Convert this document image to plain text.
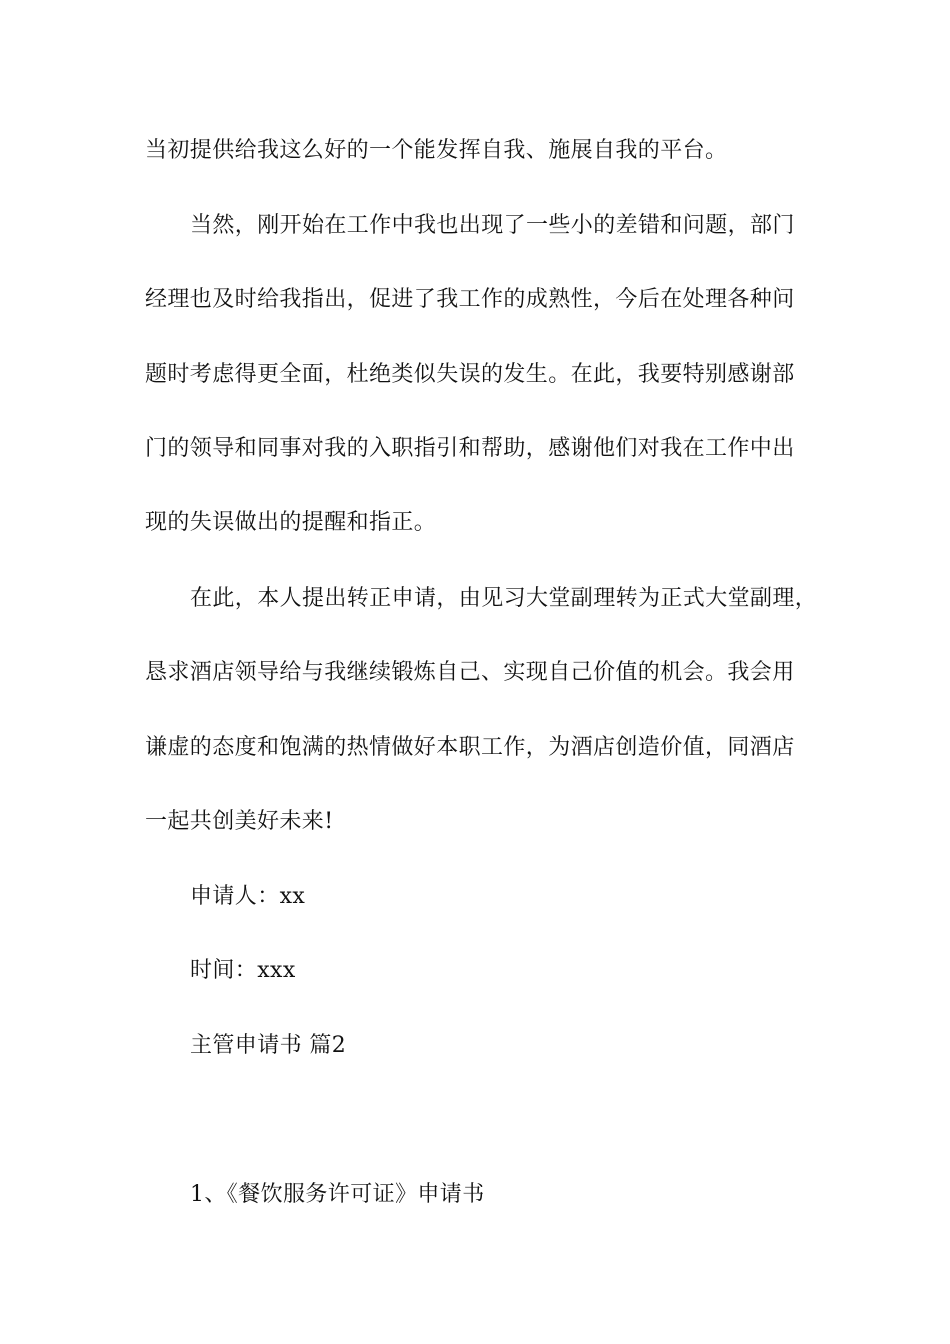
当初提供给我这么好的一个能发挥自我、施展自我的平台。
当然，刚开始在工作中我也出现了一些小的差错和问题，部门
经理也及时给我指出，促进了我工作的成熟性，今后在处理各种问
题时考虑得更全面，杜绝类似失误的发生。在此，我要特别感谢部
门的领导和同事对我的入职指引和帮助，感谢他们对我在工作中出
现的失误做出的提醒和指正。
在此，本人提出转正申请，由见习大堂副理转为正式大堂副理，
恳求酒店领导给与我继续锻炼自己、实现自己价值的机会。我会用
谦虚的态度和饱满的热情做好本职工作，为酒店创造价值，同酒店
一起共创美好未来!
申请人：xx
时间：xxx
主管申请书 篇2
1、《餐饮服务许可证》申请书
